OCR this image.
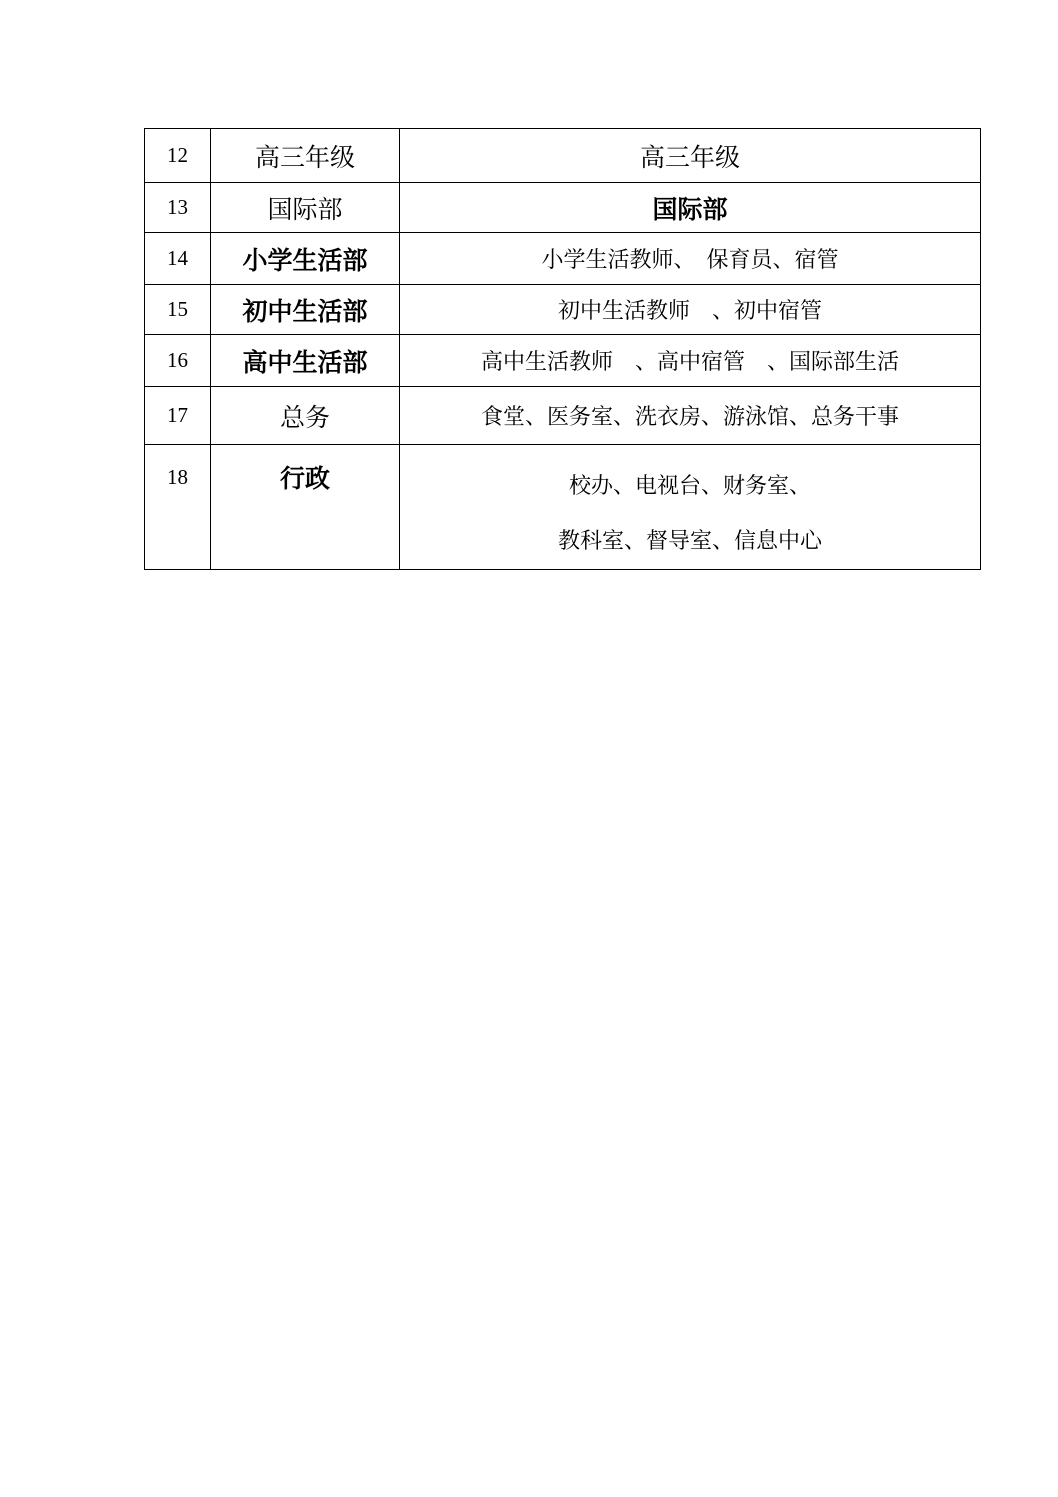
12	高三年级	高三年级
13	国际部	国际部
14	小学生活部	小学生活教师、　保育员、宿管
15	初中生活部	初中生活教师　、初中宿管
16	高中生活部	高中生活教师　、高中宿管　、国际部生活
17	总务	食堂、医务室、洗衣房、游泳馆、总务干事
18	行政	校办、电视台、财务室、
教科室、督导室、信息中心
